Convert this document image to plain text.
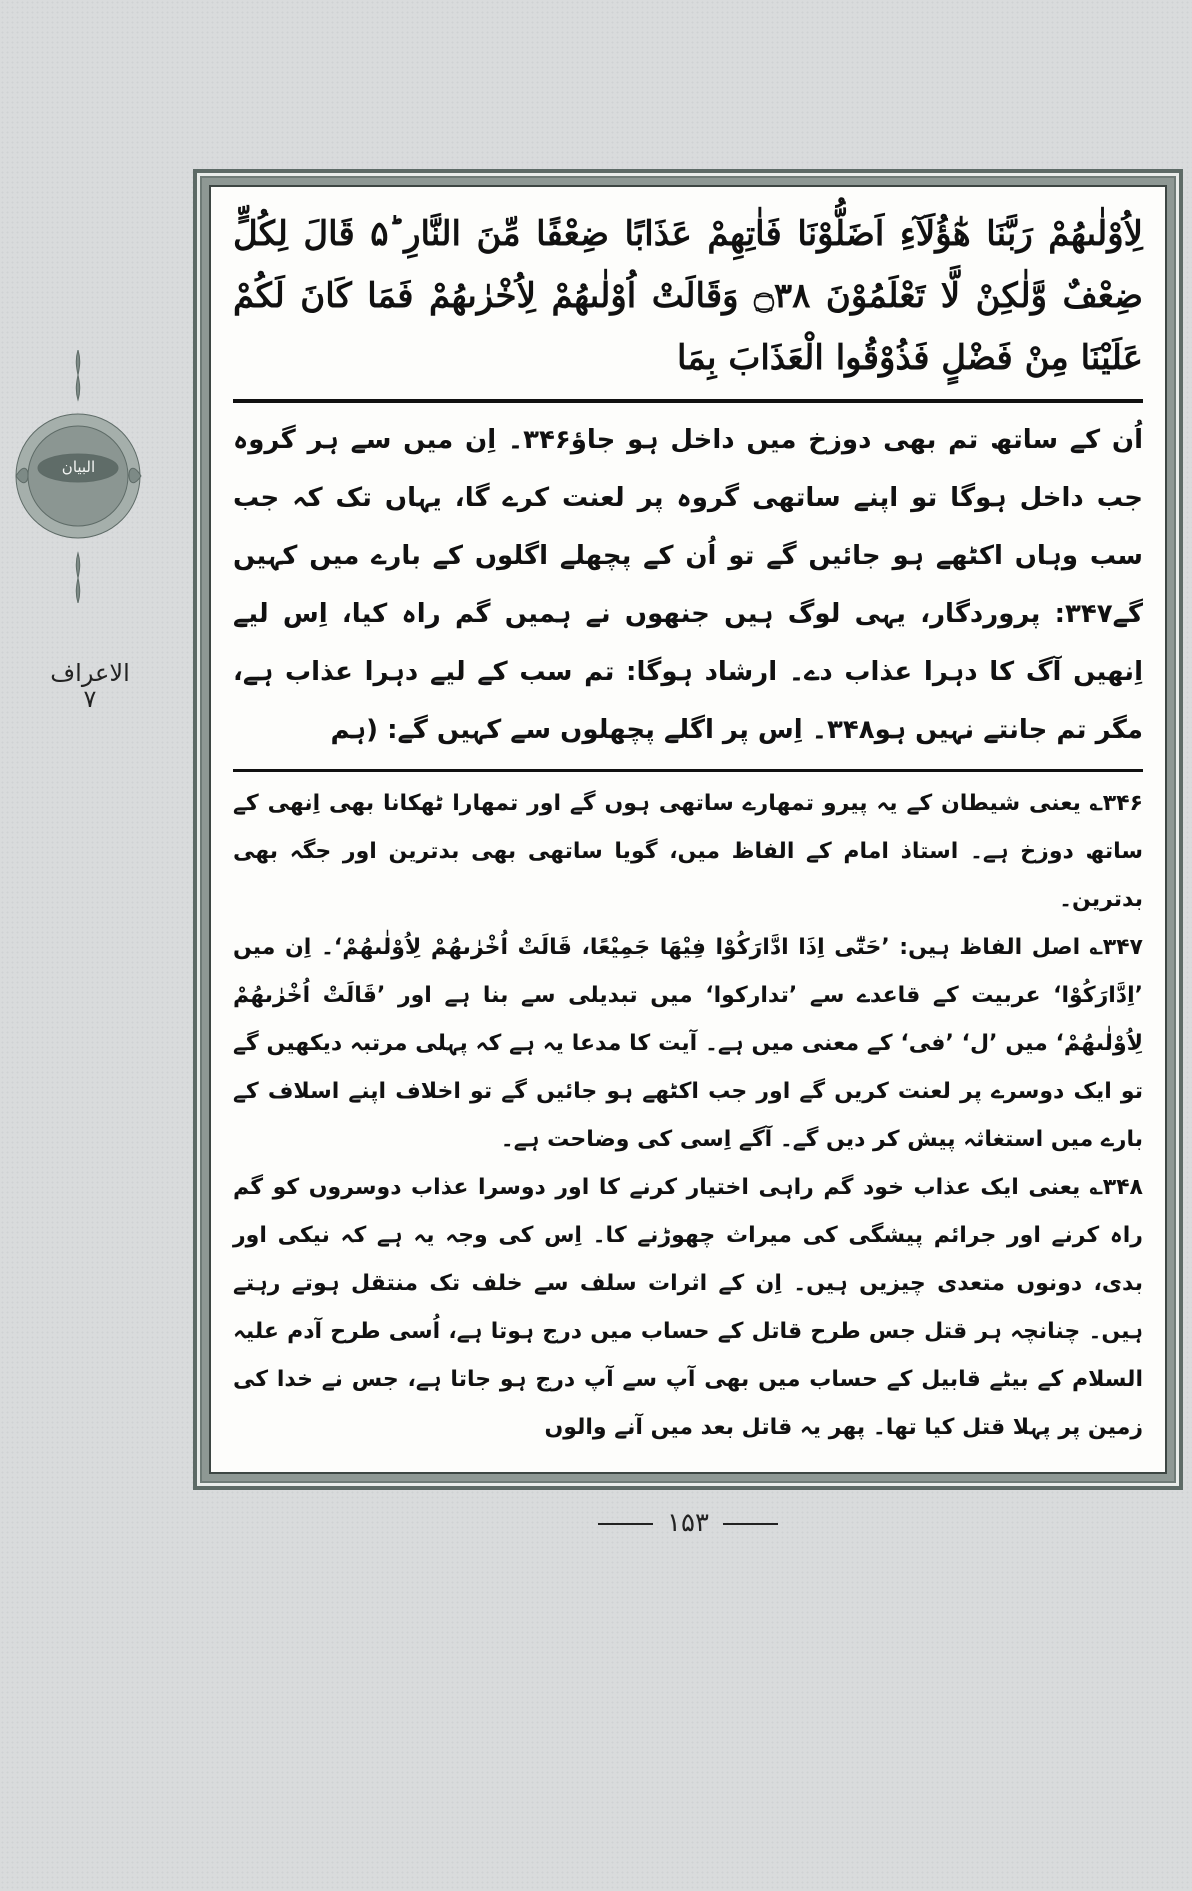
البیان
الاعراف
۷
لِاُوْلٰىهُمْ رَبَّنَا هٰٓؤُلَآءِ اَضَلُّوْنَا فَاٰتِهِمْ عَذَابًا ضِعْفًا مِّنَ النَّارِ ۵ؕ قَالَ لِكُلٍّ ضِعْفٌ وَّلٰكِنْ لَّا تَعْلَمُوْنَ ۝۳۸ وَقَالَتْ اُوْلٰىهُمْ لِاُخْرٰىهُمْ فَمَا كَانَ لَكُمْ عَلَيْنَا مِنْ فَضْلٍ فَذُوْقُوا الْعَذَابَ بِمَا
اُن کے ساتھ تم بھی دوزخ میں داخل ہو جاؤ۳۴۶۔ اِن میں سے ہر گروہ جب داخل ہوگا تو اپنے ساتھی گروہ پر لعنت کرے گا، یہاں تک کہ جب سب وہاں اکٹھے ہو جائیں گے تو اُن کے پچھلے اگلوں کے بارے میں کہیں گے۳۴۷: پروردگار، یہی لوگ ہیں جنھوں نے ہمیں گم راہ کیا، اِس لیے اِنھیں آگ کا دہرا عذاب دے۔ ارشاد ہوگا: تم سب کے لیے دہرا عذاب ہے، مگر تم جانتے نہیں ہو۳۴۸۔ اِس پر اگلے پچھلوں سے کہیں گے: (ہم

۳۴۶؎ یعنی شیطان کے یہ پیرو تمھارے ساتھی ہوں گے اور تمھارا ٹھکانا بھی اِنھی کے ساتھ دوزخ ہے۔ استاذ امام کے الفاظ میں، گویا ساتھی بھی بدترین اور جگہ بھی بدترین۔

۳۴۷؎ اصل الفاظ ہیں: ’حَتّٰٓى اِذَا ادَّارَكُوْا فِيْهَا جَمِيْعًا، قَالَتْ اُخْرٰىهُمْ لِاُوْلٰىهُمْ‘۔ اِن میں ’اِدَّارَكُوْا‘ عربیت کے قاعدے سے ’تدارکوا‘ میں تبدیلی سے بنا ہے اور ’قَالَتْ اُخْرٰىهُمْ لِاُوْلٰىهُمْ‘ میں ’ل‘ ’فی‘ کے معنی میں ہے۔ آیت کا مدعا یہ ہے کہ پہلی مرتبہ دیکھیں گے تو ایک دوسرے پر لعنت کریں گے اور جب اکٹھے ہو جائیں گے تو اخلاف اپنے اسلاف کے بارے میں استغاثہ پیش کر دیں گے۔ آگے اِسی کی وضاحت ہے۔

۳۴۸؎ یعنی ایک عذاب خود گم راہی اختیار کرنے کا اور دوسرا عذاب دوسروں کو گم راہ کرنے اور جرائم پیشگی کی میراث چھوڑنے کا۔ اِس کی وجہ یہ ہے کہ نیکی اور بدی، دونوں متعدی چیزیں ہیں۔ اِن کے اثرات سلف سے خلف تک منتقل ہوتے رہتے ہیں۔ چنانچہ ہر قتل جس طرح قاتل کے حساب میں درج ہوتا ہے، اُسی طرح آدم علیہ السلام کے بیٹے قابیل کے حساب میں بھی آپ سے آپ درج ہو جاتا ہے، جس نے خدا کی زمین پر پہلا قتل کیا تھا۔ پھر یہ قاتل بعد میں آنے والوں

۱۵۳
